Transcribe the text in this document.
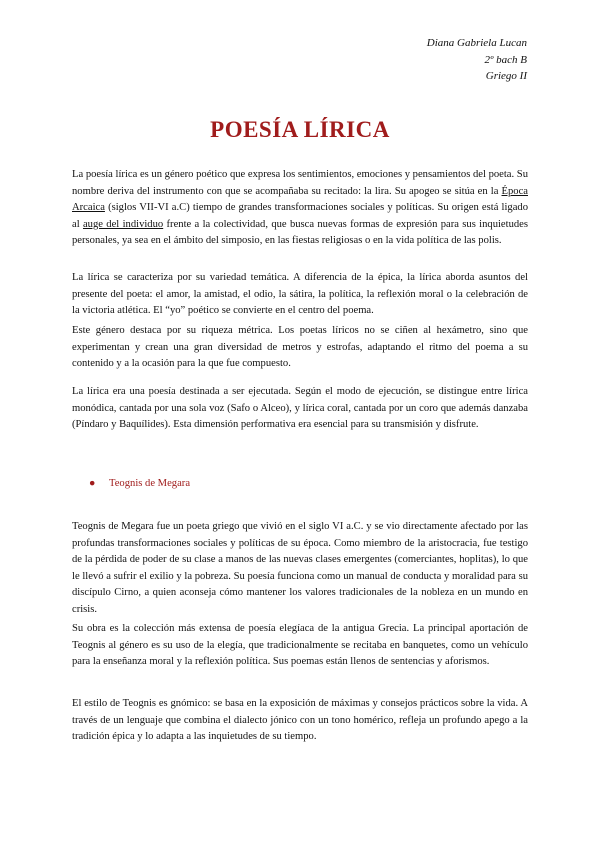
Diana Gabriela Lucan
2º bach B
Griego II
POESÍA LÍRICA

La poesía lírica es un género poético que expresa los sentimientos, emociones y pensamientos del poeta. Su nombre deriva del instrumento con que se acompañaba su recitado: la lira. Su apogeo se sitúa en la Época Arcaica (siglos VII-VI a.C) tiempo de grandes transformaciones sociales y políticas. Su origen está ligado al auge del individuo frente a la colectividad, que busca nuevas formas de expresión para sus inquietudes personales, ya sea en el ámbito del simposio, en las fiestas religiosas o en la vida política de las polis.

La lírica se caracteriza por su variedad temática. A diferencia de la épica, la lírica aborda asuntos del presente del poeta: el amor, la amistad, el odio, la sátira, la política, la reflexión moral o la celebración de la victoria atlética. El “yo” poético se convierte en el centro del poema.

Este género destaca por su riqueza métrica. Los poetas líricos no se ciñen al hexámetro, sino que experimentan y crean una gran diversidad de metros y estrofas, adaptando el ritmo del poema a su contenido y a la ocasión para la que fue compuesto.

La lírica era una poesía destinada a ser ejecutada. Según el modo de ejecución, se distingue entre lírica monódica, cantada por una sola voz (Safo o Alceo), y lírica coral, cantada por un coro que además danzaba (Píndaro y Baquílides). Esta dimensión performativa era esencial para su transmisión y disfrute.

● Teognis de Megara

Teognis de Megara fue un poeta griego que vivió en el siglo VI a.C. y se vio directamente afectado por las profundas transformaciones sociales y políticas de su época. Como miembro de la aristocracia, fue testigo de la pérdida de poder de su clase a manos de las nuevas clases emergentes (comerciantes, hoplitas), lo que le llevó a sufrir el exilio y la pobreza. Su poesía funciona como un manual de conducta y moralidad para su discípulo Cirno, a quien aconseja cómo mantener los valores tradicionales de la nobleza en un mundo en crisis.

Su obra es la colección más extensa de poesía elegíaca de la antigua Grecia. La principal aportación de Teognis al género es su uso de la elegía, que tradicionalmente se recitaba en banquetes, como un vehículo para la enseñanza moral y la reflexión política. Sus poemas están llenos de sentencias y aforismos.

El estilo de Teognis es gnómico: se basa en la exposición de máximas y consejos prácticos sobre la vida. A través de un lenguaje que combina el dialecto jónico con un tono homérico, refleja un profundo apego a la tradición épica y lo adapta a las inquietudes de su tiempo.
